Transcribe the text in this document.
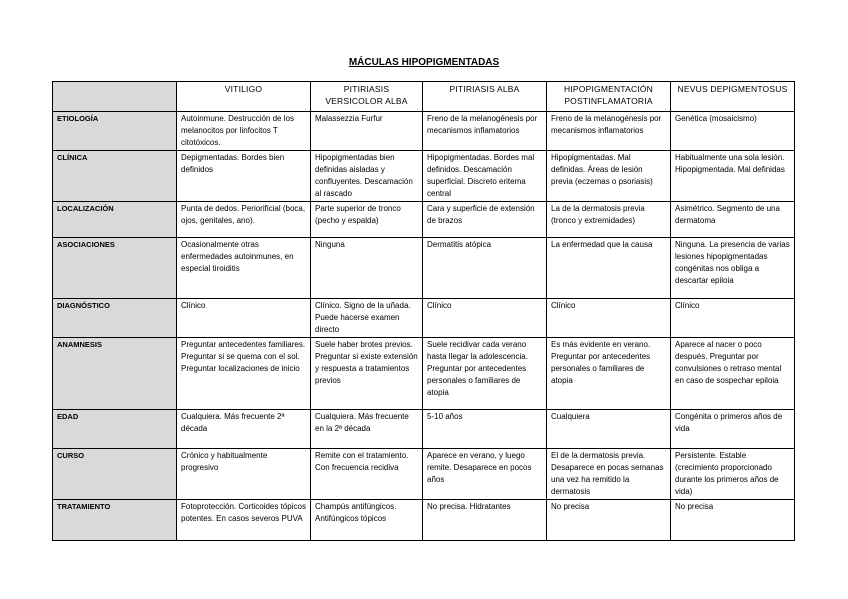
MÁCULAS HIPOPIGMENTADAS
	VITILIGO	PITIRIASIS VERSICOLOR ALBA	PITIRIASIS ALBA	HIPOPIGMENTACIÓN POSTINFLAMATORIA	NEVUS DEPIGMENTOSUS
ETIOLOGÍA	Autoinmune. Destrucción de los melanocitos por linfocitos T citotóxicos.	Malassezzia Furfur	Freno de la melanogénesis por mecanismos inflamatorios	Freno de la melanogénesis por mecanismos inflamatorios	Genética (mosaicismo)
CLÍNICA	Depigmentadas. Bordes bien definidos	Hipopigmentadas bien definidas aisladas y confluyentes. Descamación al rascado	Hipopigmentadas. Bordes mal definidos. Descamación superficial. Discreto eritema central	Hipopigmentadas. Mal definidas. Áreas de lesión previa (eczemas o psoriasis)	Habitualmente una sola lesión. Hipopigmentada. Mal definidas
LOCALIZACIÓN	Punta de dedos. Periorificial (boca, ojos, genitales, ano).	Parte superior de tronco (pecho y espalda)	Cara y superficie de extensión de brazos	La de la dermatosis previa (tronco y extremidades)	Asimétrico. Segmento de una dermatoma
ASOCIACIONES	Ocasionalmente otras enfermedades autoinmunes, en especial tiroiditis	Ninguna	Dermatitis atópica	La enfermedad que la causa	Ninguna. La presencia de varias lesiones hipopigmentadas congénitas nos obliga a descartar epiloia
DIAGNÓSTICO	Clínico	Clínico. Signo de la uñada. Puede hacerse examen directo	Clínico	Clínico	Clínico
ANAMNESIS	Preguntar antecedentes familiares. Preguntar si se quema con el sol. Preguntar localizaciones de inicio	Suele haber brotes previos. Preguntar si existe extensión y respuesta a tratamientos previos	Suele recidivar cada verano hasta llegar la adolescencia. Preguntar por antecedentes personales o familiares de atopia	Es más evidente en verano. Preguntar por antecedentes personales o familiares de atopia	Aparece al nacer o poco después. Preguntar por convulsiones o retraso mental en caso de sospechar epiloia
EDAD	Cualquiera. Más frecuente 2ª década	Cualquiera. Más frecuente en la 2ª década	5-10 años	Cualquiera	Congénita o primeros años de vida
CURSO	Crónico y habitualmente progresivo	Remite con el tratamiento. Con frecuencia recidiva	Aparece en verano, y luego remite. Desaparece en pocos años	El de la dermatosis previa. Desaparece en pocas semanas una vez ha remitido la dermatosis	Persistente. Estable (crecimiento proporcionado durante los primeros años de vida)
TRATAMIENTO	Fotoprotección. Corticoides tópicos potentes. En casos severos PUVA	Champús antifúngicos. Antifúngicos tópicos	No precisa. Hidratantes	No precisa	No precisa
